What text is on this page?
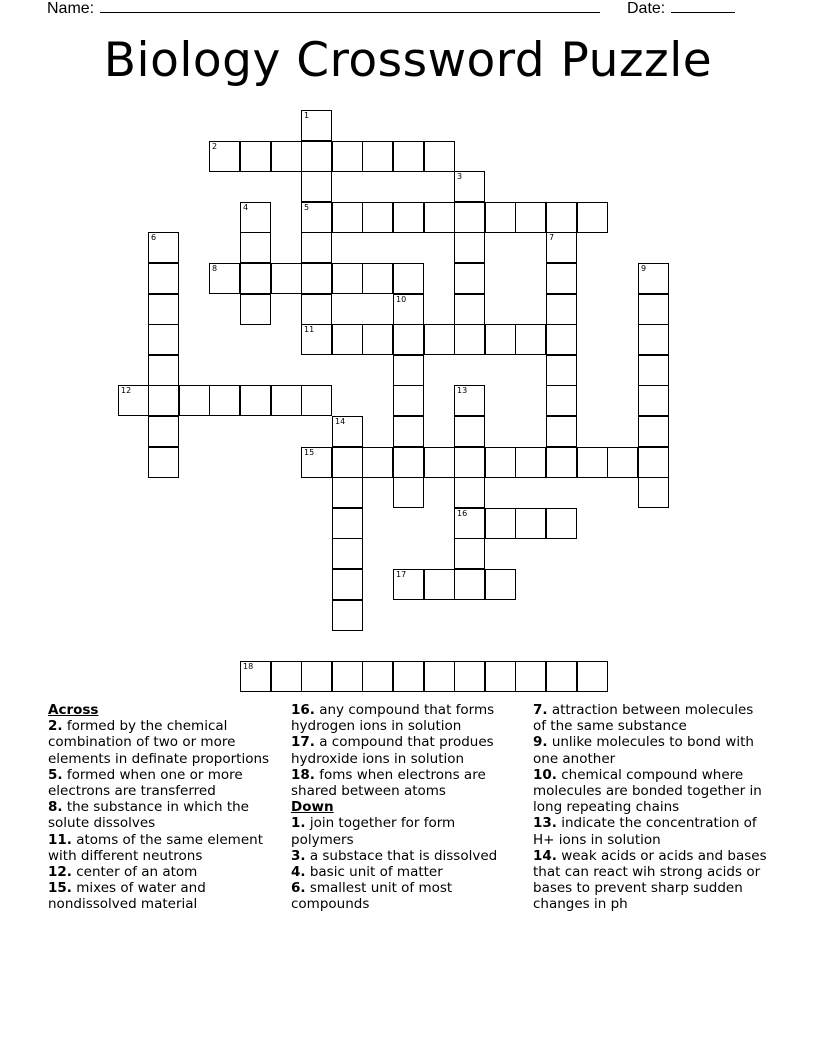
Name:	Date:
Biology Crossword Puzzle
1
5
11
2
3
4
6	7
8	9
10
12	13
16
14
15
17
18
Across
2. formed by the chemical combination of two or more elements in definate proportions
5. formed when one or more electrons are transferred
8. the substance in which the solute dissolves
11. atoms of the same element with different neutrons
12. center of an atom
15. mixes of water and nondissolved material
16. any compound that forms hydrogen ions in solution
17. a compound that produes hydroxide ions in solution
18. foms when electrons are shared between atoms
Down
1. join together for form polymers
3. a substace that is dissolved
4. basic unit of matter
6. smallest unit of most compounds
7. attraction between molecules of the same substance
9. unlike molecules to bond with one another
10. chemical compound where molecules are bonded together in long repeating chains
13. indicate the concentration of H+ ions in solution
14. weak acids or acids and bases that can react wih strong acids or bases to prevent sharp sudden changes in ph
